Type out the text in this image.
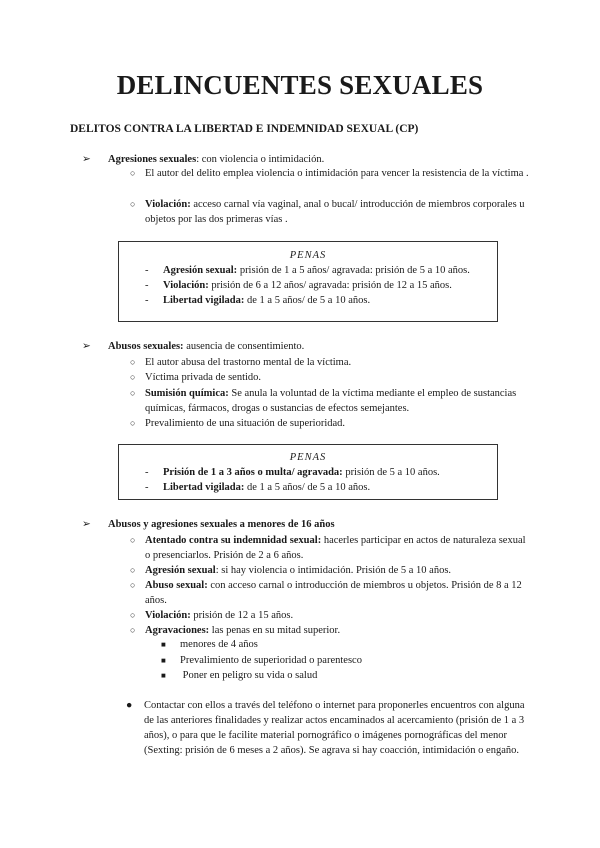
DELINCUENTES SEXUALES
DELITOS CONTRA LA LIBERTAD E INDEMNIDAD SEXUAL (CP)
➢ Agresiones sexuales: con violencia o intimidación.
○ El autor del delito emplea violencia o intimidación para vencer la resistencia de la víctima .
○ Violación: acceso carnal vía vaginal, anal o bucal/ introducción de miembros corporales u objetos por las dos primeras vías .
PENAS
- Agresión sexual: prisión de 1 a 5 años/ agravada: prisión de 5 a 10 años.
- Violación: prisión de 6 a 12 años/ agravada: prisión de 12 a 15 años.
- Libertad vigilada: de 1 a 5 años/ de 5 a 10 años.
➢ Abusos sexuales: ausencia de consentimiento.
○ El autor abusa del trastorno mental de la víctima.
○ Víctima privada de sentido.
○ Sumisión química: Se anula la voluntad de la víctima mediante el empleo de sustancias químicas, fármacos, drogas o sustancias de efectos semejantes.
○ Prevalimiento de una situación de superioridad.
PENAS
- Prisión de 1 a 3 años o multa/ agravada: prisión de 5 a 10 años.
- Libertad vigilada: de 1 a 5 años/ de 5 a 10 años.
➢ Abusos y agresiones sexuales a menores de 16 años
○ Atentado contra su indemnidad sexual: hacerles participar en actos de naturaleza sexual o presenciarlos. Prisión de 2 a 6 años.
○ Agresión sexual: si hay violencia o intimidación. Prisión de 5 a 10 años.
○ Abuso sexual: con acceso carnal o introducción de miembros u objetos. Prisión de 8 a 12 años.
○ Violación: prisión de 12 a 15 años.
○ Agravaciones: las penas en su mitad superior.
■ menores de 4 años
■ Prevalimiento de superioridad o parentesco
■ Poner en peligro su vida o salud
●	Contactar con ellos a través del teléfono o internet para proponerles encuentros con alguna de las anteriores finalidades y realizar actos encaminados al acercamiento (prisión de 1 a 3 años), o para que le facilite material pornográfico o imágenes pornográficas del menor (Sexting: prisión de 6 meses a 2 años). Se agrava si hay coacción, intimidación o engaño.
